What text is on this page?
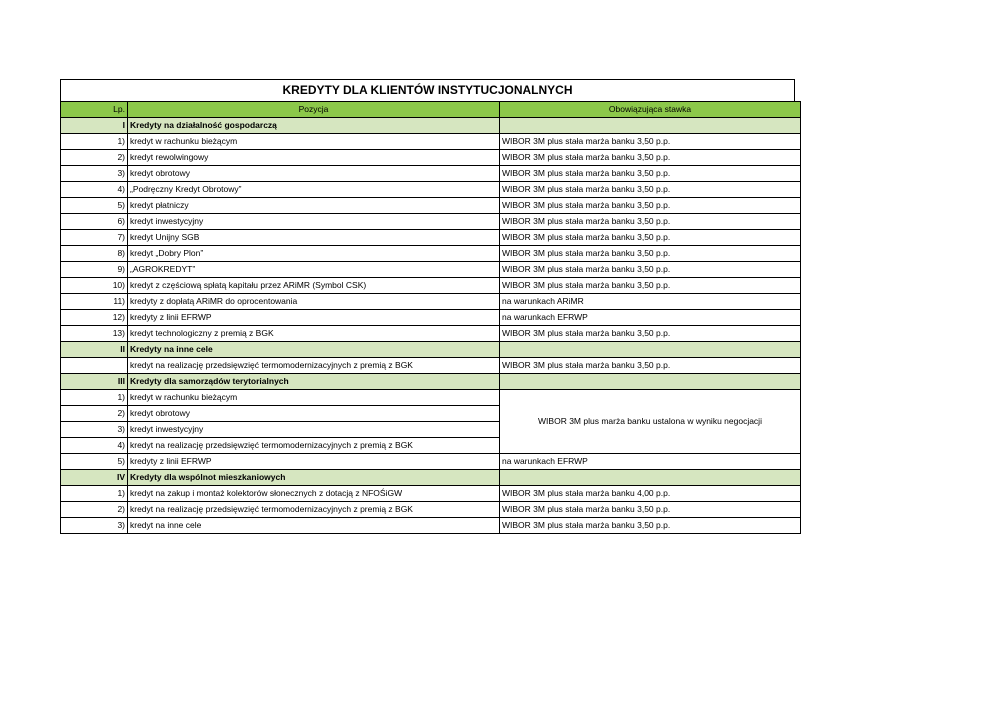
KREDYTY DLA KLIENTÓW INSTYTUCJONALNYCH
Lp.	Pozycja	Obowiązująca stawka
I	Kredyty na działalność gospodarczą	
1)	kredyt w rachunku bieżącym	WIBOR 3M plus stała marża banku 3,50 p.p.
2)	kredyt rewolwingowy	WIBOR 3M plus stała marża banku 3,50 p.p.
3)	kredyt obrotowy	WIBOR 3M plus stała marża banku 3,50 p.p.
4)	„Podręczny Kredyt Obrotowy”	WIBOR 3M plus stała marża banku 3,50 p.p.
5)	kredyt płatniczy	WIBOR 3M plus stała marża banku 3,50 p.p.
6)	kredyt inwestycyjny	WIBOR 3M plus stała marża banku 3,50 p.p.
7)	kredyt Unijny SGB	WIBOR 3M plus stała marża banku 3,50 p.p.
8)	kredyt „Dobry Plon”	WIBOR 3M plus stała marża banku 3,50 p.p.
9)	„AGROKREDYT”	WIBOR 3M plus stała marża banku 3,50 p.p.
10)	kredyt z częściową spłatą kapitału przez ARiMR (Symbol CSK)	WIBOR 3M plus stała marża banku 3,50 p.p.
11)	kredyty z dopłatą ARiMR do oprocentowania	na warunkach ARiMR
12)	kredyty z linii EFRWP	na warunkach EFRWP
13)	kredyt technologiczny z premią z BGK	WIBOR 3M plus stała marża banku 3,50 p.p.
II	Kredyty na inne cele	
	kredyt na realizację przedsięwzięć termomodernizacyjnych z premią z BGK	WIBOR 3M plus stała marża banku 3,50 p.p.
III	Kredyty dla samorządów terytorialnych	
1)	kredyt w rachunku bieżącym	WIBOR 3M plus marża banku ustalona w wyniku negocjacji
2)	kredyt obrotowy	
3)	kredyt inwestycyjny	
4)	kredyt na realizację przedsięwzięć termomodernizacyjnych z premią z BGK	
5)	kredyty z linii EFRWP	na warunkach EFRWP
IV	Kredyty dla wspólnot mieszkaniowych	
1)	kredyt na zakup i montaż kolektorów słonecznych z dotacją z NFOŚiGW	WIBOR 3M plus stała marża banku 4,00 p.p.
2)	kredyt na realizację przedsięwzięć termomodernizacyjnych z premią z BGK	WIBOR 3M plus stała marża banku 3,50 p.p.
3)	kredyt na inne cele	WIBOR 3M plus stała marża banku 3,50 p.p.
